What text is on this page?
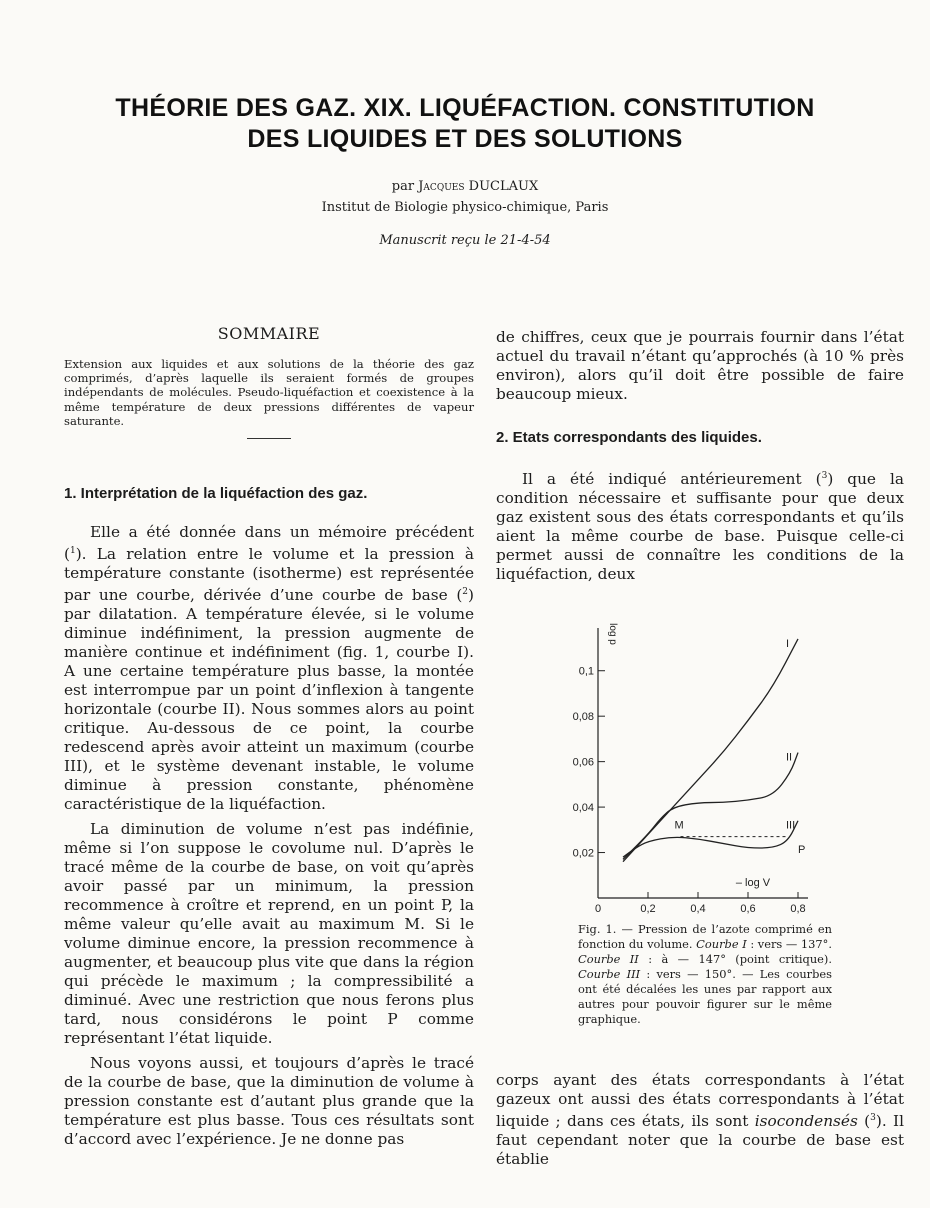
THÉORIE DES GAZ. XIX. LIQUÉFACTION. CONSTITUTION
DES LIQUIDES ET DES SOLUTIONS
par Jacques DUCLAUX
Institut de Biologie physico-chimique, Paris
Manuscrit reçu le 21-4-54
SOMMAIRE
Extension aux liquides et aux solutions de la théorie des gaz comprimés, d’après laquelle ils seraient formés de groupes indépendants de molécules. Pseudo-liquéfaction et coexistence à la même température de deux pressions différentes de vapeur saturante.
1. Interprétation de la liquéfaction des gaz.

Elle a été donnée dans un mémoire précédent ($^1$). La relation entre le volume et la pression à température constante (isotherme) est représentée par une courbe, dérivée d’une courbe de base ($^2$) par dilatation. A température élevée, si le volume diminue indéfiniment, la pression augmente de manière continue et indéfiniment (fig. 1, courbe I). A une certaine température plus basse, la montée est interrompue par un point d’inflexion à tangente horizontale (courbe II). Nous sommes alors au point critique. Au-dessous de ce point, la courbe redescend après avoir atteint un maximum (courbe III), et le système devenant instable, le volume diminue à pression constante, phénomène caractéristique de la liquéfaction.

La diminution de volume n’est pas indéfinie, même si l’on suppose le covolume nul. D’après le tracé même de la courbe de base, on voit qu’après avoir passé par un minimum, la pression recommence à croître et reprend, en un point P, la même valeur qu’elle avait au maximum M. Si le volume diminue encore, la pression recommence à augmenter, et beaucoup plus vite que dans la région qui précède le maximum ; la compressibilité a diminué. Avec une restriction que nous ferons plus tard, nous considérons le point P comme représentant l’état liquide.

Nous voyons aussi, et toujours d’après le tracé de la courbe de base, que la diminution de volume à pression constante est d’autant plus grande que la température est plus basse. Tous ces résultats sont d’accord avec l’expérience. Je ne donne pas

de chiffres, ceux que je pourrais fournir dans l’état actuel du travail n’étant qu’approchés (à 10 % près environ), alors qu’il doit être possible de faire beaucoup mieux.

2. Etats correspondants des liquides.

Il a été indiqué antérieurement ($^3$) que la condition nécessaire et suffisante pour que deux gaz existent sous des états correspondants et qu’ils aient la même courbe de base. Puisque celle-ci permet aussi de connaître les conditions de la liquéfaction, deux

0	0,2	0,4	0,6	0,8
0,02
0,04
0,06
0,08
0,1
log p
– log V
I
II
III
M
P
Fig. 1. — Pression de l’azote comprimé en fonction du volume. Courbe I : vers — 137°. Courbe II : à — 147° (point critique). Courbe III : vers — 150°. — Les courbes ont été décalées les unes par rapport aux autres pour pouvoir figurer sur le même graphique.

corps ayant des états correspondants à l’état gazeux ont aussi des états correspondants à l’état liquide ; dans ces états, ils sont isocondensés ($^3$). Il faut cependant noter que la courbe de base est établie
